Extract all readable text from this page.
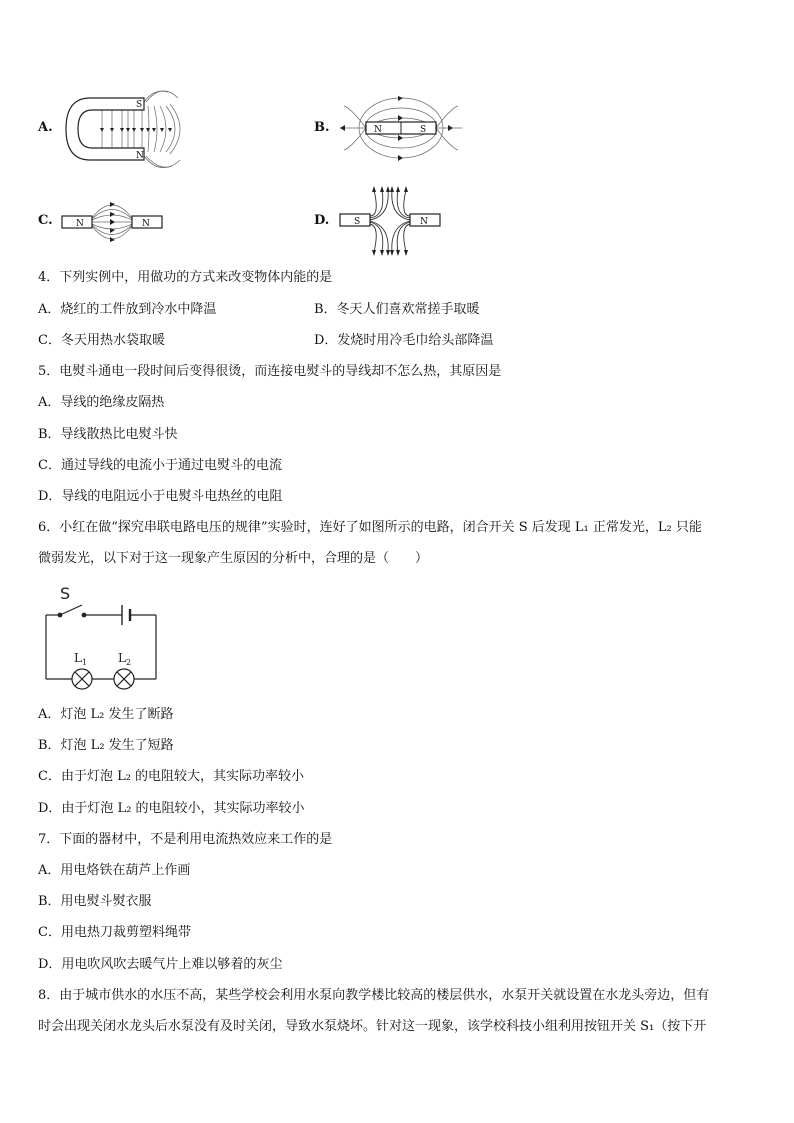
A.
S
N
B.	N	S
C.	N	N	D.	S	N
4．下列实例中，用做功的方式来改变物体内能的是
A．烧红的工件放到冷水中降温	B．冬天人们喜欢常搓手取暖
C．冬天用热水袋取暖	D．发烧时用冷毛巾给头部降温
5．电熨斗通电一段时间后变得很烫，而连接电熨斗的导线却不怎么热，其原因是
A．导线的绝缘皮隔热
B．导线散热比电熨斗快
C．通过导线的电流小于通过电熨斗的电流
D．导线的电阻远小于电熨斗电热丝的电阻
6．小红在做“探究串联电路电压的规律”实验时，连好了如图所示的电路，闭合开关 S 后发现 L₁ 正常发光，L₂ 只能
微弱发光，以下对于这一现象产生原因的分析中，合理的是（　　）
S
$L_1$	$L_2$
A．灯泡 L₂ 发生了断路
B．灯泡 L₂ 发生了短路
C．由于灯泡 L₂ 的电阻较大，其实际功率较小
D．由于灯泡 L₂ 的电阻较小，其实际功率较小
7．下面的器材中，不是利用电流热效应来工作的是
A．用电烙铁在葫芦上作画
B．用电熨斗熨衣服
C．用电热刀裁剪塑料绳带
D．用电吹风吹去暖气片上难以够着的灰尘
8．由于城市供水的水压不高，某些学校会利用水泵向教学楼比较高的楼层供水，水泵开关就设置在水龙头旁边，但有
时会出现关闭水龙头后水泵没有及时关闭，导致水泵烧坏。针对这一现象，该学校科技小组利用按钮开关 S₁（按下开
